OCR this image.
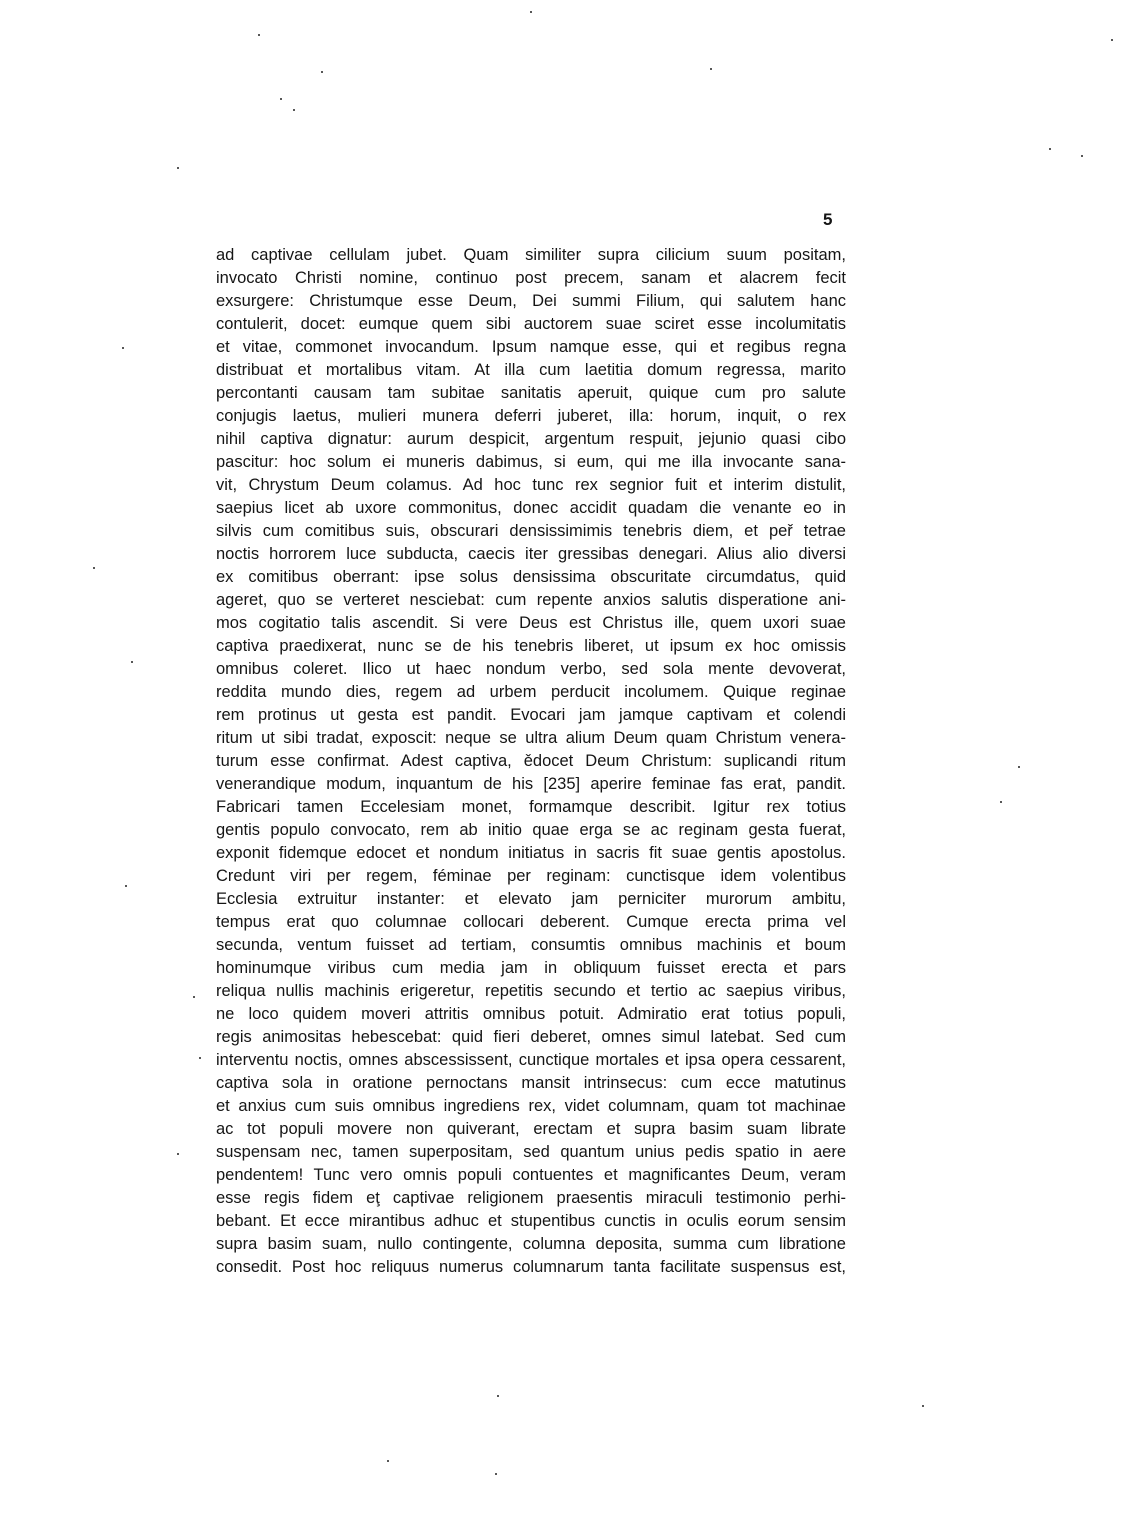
5
ad captivae cellulam jubet. Quam similiter supra cilicium suum positam,
invocato Christi nomine, continuo post precem, sanam et alacrem fecit
exsurgere: Christumque esse Deum, Dei summi Filium, qui salutem hanc
contulerit, docet: eumque quem sibi auctorem suae sciret esse incolumitatis
et vitae, commonet invocandum. Ipsum namque esse, qui et regibus regna
distribuat et mortalibus vitam. At illa cum laetitia domum regressa, marito
percontanti causam tam subitae sanitatis aperuit, quique cum pro salute
conjugis laetus, mulieri munera deferri juberet, illa: horum, inquit, o rex
nihil captiva dignatur: aurum despicit, argentum respuit, jejunio quasi cibo
pascitur: hoc solum ei muneris dabimus, si eum, qui me illa invocante sana-
vit, Chrystum Deum colamus. Ad hoc tunc rex segnior fuit et interim distulit,
saepius licet ab uxore commonitus, donec accidit quadam die venante eo in
silvis cum comitibus suis, obscurari densissimimis tenebris diem, et peř tetrae
noctis horrorem luce subducta, caecis iter gressibas denegari. Alius alio diversi
ex comitibus oberrant: ipse solus densissima obscuritate circumdatus, quid
ageret, quo se verteret nesciebat: cum repente anxios salutis disperatione ani-
mos cogitatio talis ascendit. Si vere Deus est Christus ille, quem uxori suae
captiva praedixerat, nunc se de his tenebris liberet, ut ipsum ex hoc omissis
omnibus coleret. Ilico ut haec nondum verbo, sed sola mente devoverat,
reddita mundo dies, regem ad urbem perducit incolumem. Quique reginae
rem protinus ut gesta est pandit. Evocari jam jamque captivam et colendi
ritum ut sibi tradat, exposcit: neque se ultra alium Deum quam Christum venera-
turum esse confirmat. Adest captiva, ědocet Deum Christum: suplicandi ritum
venerandique modum, inquantum de his [235] aperire feminae fas erat, pandit.
Fabricari tamen Eccelesiam monet, formamque describit. Igitur rex totius
gentis populo convocato, rem ab initio quae erga se ac reginam gesta fuerat,
exponit fidemque edocet et nondum initiatus in sacris fit suae gentis apostolus.
Credunt viri per regem, féminae per reginam: cunctisque idem volentibus
Ecclesia extruitur instanter: et elevato jam perniciter murorum ambitu,
tempus erat quo columnae collocari deberent. Cumque erecta prima vel
secunda, ventum fuisset ad tertiam, consumtis omnibus machinis et boum
hominumque viribus cum media jam in obliquum fuisset erecta et pars
reliqua nullis machinis erigeretur, repetitis secundo et tertio ac saepius viribus,
ne loco quidem moveri attritis omnibus potuit. Admiratio erat totius populi,
regis animositas hebescebat: quid fieri deberet, omnes simul latebat. Sed cum
interventu noctis, omnes abscessissent, cunctique mortales et ipsa opera cessarent,
captiva sola in oratione pernoctans mansit intrinsecus: cum ecce matutinus
et anxius cum suis omnibus ingrediens rex, videt columnam, quam tot machinae
ac tot populi movere non quiverant, erectam et supra basim suam librate
suspensam nec, tamen superpositam, sed quantum unius pedis spatio in aere
pendentem! Tunc vero omnis populi contuentes et magnificantes Deum, veram
esse regis fidem eţ captivae religionem praesentis miraculi testimonio perhi-
bebant. Et ecce mirantibus adhuc et stupentibus cunctis in oculis eorum sensim
supra basim suam, nullo contingente, columna deposita, summa cum libratione
consedit. Post hoc reliquus numerus columnarum tanta facilitate suspensus est,
